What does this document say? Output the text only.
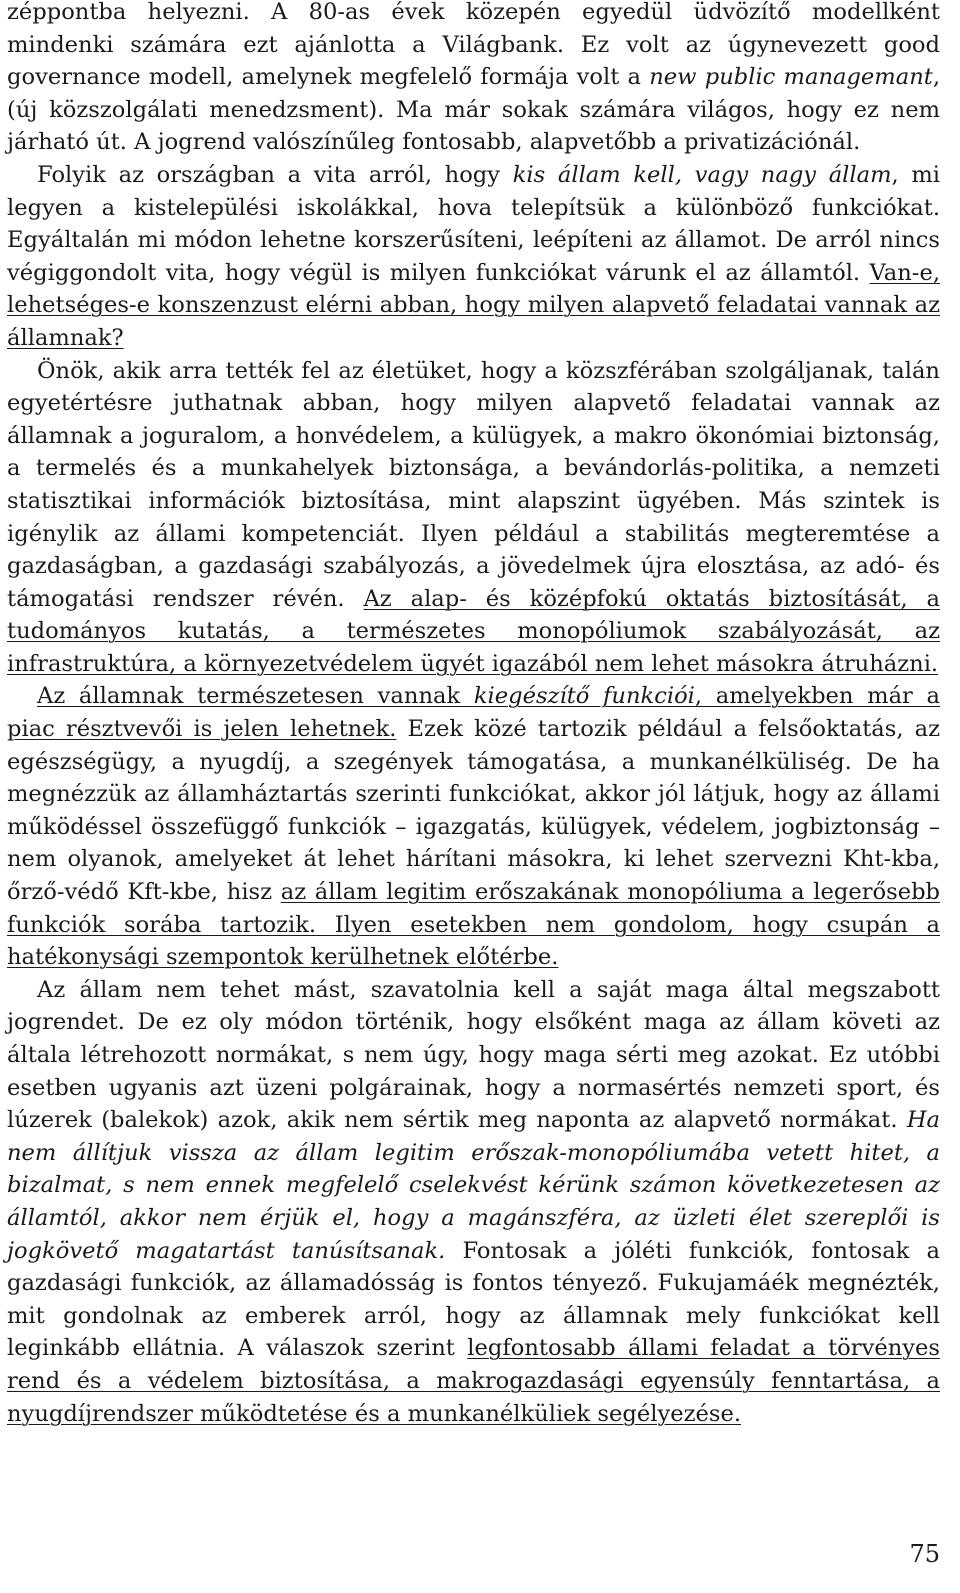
zéppontba helyezni. A 80-as évek közepén egyedül üdvözítő modellként mindenki számára ezt ajánlotta a Világbank. Ez volt az úgynevezett good governance modell, amelynek megfelelő formája volt a new public managemant, (új közszolgálati menedzsment). Ma már sokak számára világos, hogy ez nem járható út. A jogrend valószínűleg fontosabb, alapvetőbb a privatizációnál.

Folyik az országban a vita arról, hogy kis állam kell, vagy nagy állam, mi legyen a kistelepülési iskolákkal, hova telepítsük a különböző funkciókat. Egyáltalán mi módon lehetne korszerűsíteni, leépíteni az államot. De arról nincs végiggondolt vita, hogy végül is milyen funkciókat várunk el az államtól. Van-e, lehetséges-e konszenzust elérni abban, hogy milyen alapvető feladatai vannak az államnak?

Önök, akik arra tették fel az életüket, hogy a közszférában szolgáljanak, talán egyetértésre juthatnak abban, hogy milyen alapvető feladatai vannak az államnak a joguralom, a honvédelem, a külügyek, a makro ökonómiai biztonság, a termelés és a munkahelyek biztonsága, a bevándorlás-politika, a nemzeti statisztikai információk biztosítása, mint alapszint ügyében. Más szintek is igénylik az állami kompetenciát. Ilyen például a stabilitás megteremtése a gazdaságban, a gazdasági szabályozás, a jövedelmek újra elosztása, az adó- és támogatási rendszer révén. Az alap- és középfokú oktatás biztosítását, a tudományos kutatás, a természetes monopóliumok szabályozását, az infrastruktúra, a környezetvédelem ügyét igazából nem lehet másokra átruházni.

Az államnak természetesen vannak kiegészítő funkciói, amelyekben már a piac résztvevői is jelen lehetnek. Ezek közé tartozik például a felsőoktatás, az egészségügy, a nyugdíj, a szegények támogatása, a munkanélküliség. De ha megnézzük az államháztartás szerinti funkciókat, akkor jól látjuk, hogy az állami működéssel összefüggő funkciók – igazgatás, külügyek, védelem, jogbiztonság – nem olyanok, amelyeket át lehet hárítani másokra, ki lehet szervezni Kht-kba, őrző-védő Kft-kbe, hisz az állam legitim erőszakának monopóliuma a legerősebb funkciók sorába tartozik. Ilyen esetekben nem gondolom, hogy csupán a hatékonysági szempontok kerülhetnek előtérbe.

Az állam nem tehet mást, szavatolnia kell a saját maga által megszabott jogrendet. De ez oly módon történik, hogy elsőként maga az állam követi az általa létrehozott normákat, s nem úgy, hogy maga sérti meg azokat. Ez utóbbi esetben ugyanis azt üzeni polgárainak, hogy a normasértés nemzeti sport, és lúzerek (balekok) azok, akik nem sértik meg naponta az alapvető normákat. Ha nem állítjuk vissza az állam legitim erőszak-monopóliumába vetett hitet, a bizalmat, s nem ennek megfelelő cselekvést kérünk számon következetesen az államtól, akkor nem érjük el, hogy a magánszféra, az üzleti élet szereplői is jogkövető magatartást tanúsítsanak. Fontosak a jóléti funkciók, fontosak a gazdasági funkciók, az államadósság is fontos tényező. Fukujamáék megnézték, mit gondolnak az emberek arról, hogy az államnak mely funkciókat kell leginkább ellátnia. A válaszok szerint legfontosabb állami feladat a törvényes rend és a védelem biztosítása, a makrogazdasági egyensúly fenntartása, a nyugdíjrendszer működtetése és a munkanélküliek segélyezése.

75
